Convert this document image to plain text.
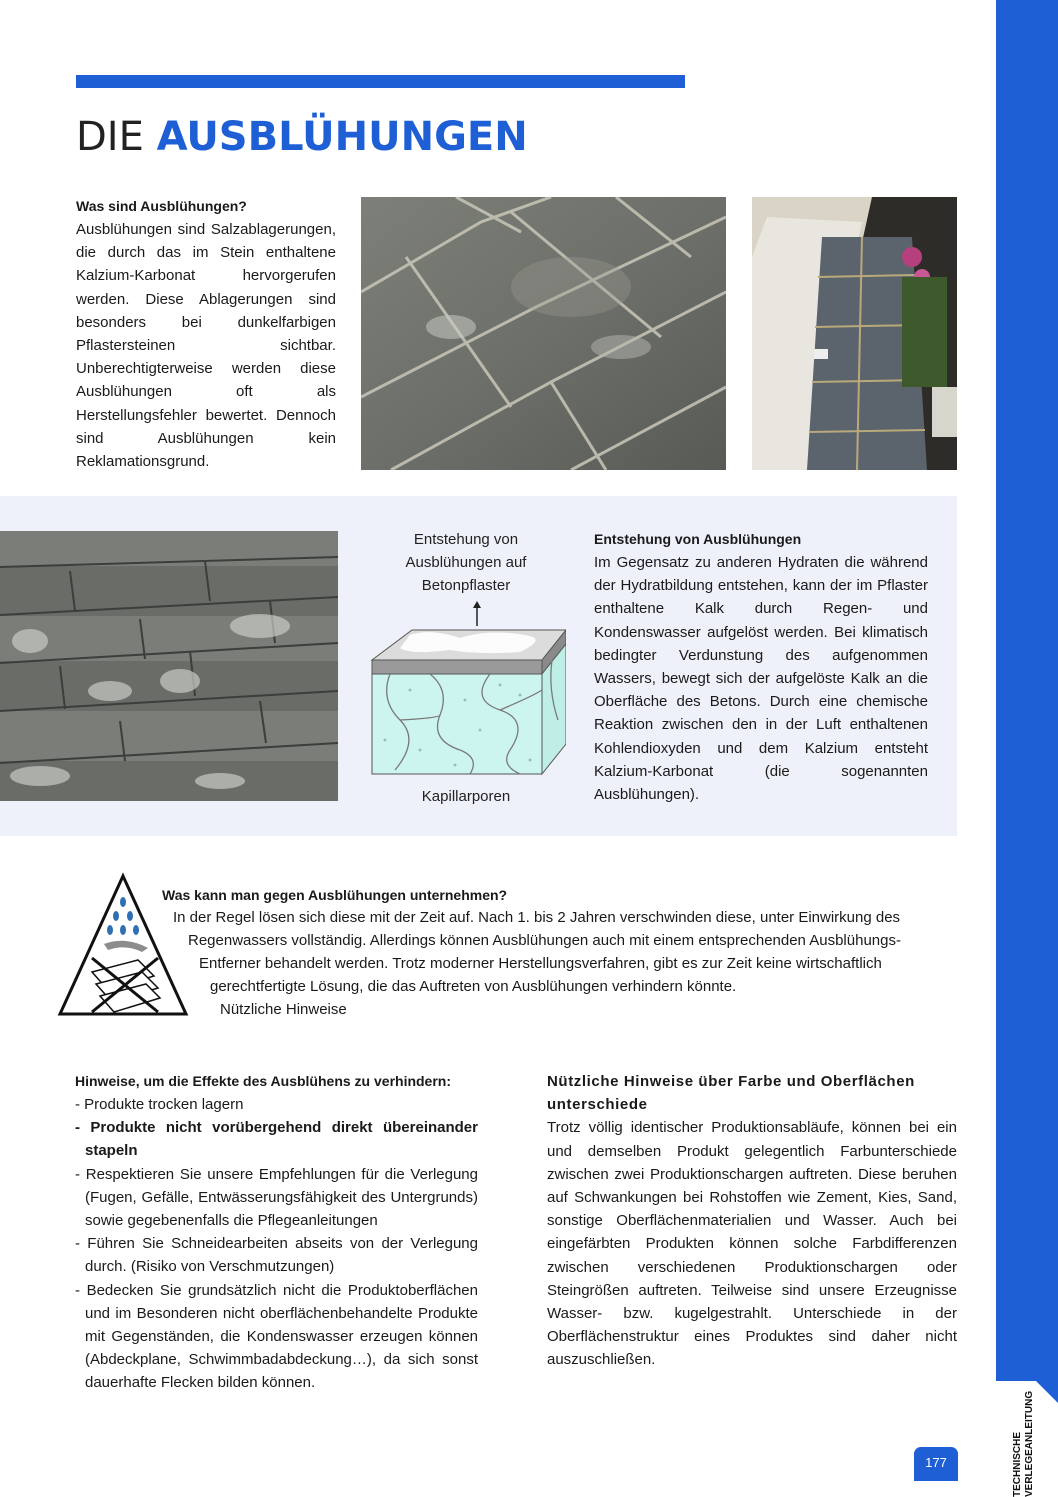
TECHNISCHE VERLEGEANLEITUNG
177
DIE AUSBLÜHUNGEN
Was sind Ausblühungen?
Ausblühungen sind Salzablagerungen, die durch das im Stein enthaltene Kalzium-Karbonat hervorgerufen werden. Diese Ablagerungen sind besonders bei dunkelfarbigen Pflastersteinen sichtbar. Unberechtigterweise werden diese Ausblühungen oft als Herstellungsfehler bewertet. Dennoch sind Ausblühungen kein Reklamationsgrund.
Entstehung von Ausblühungen auf Betonpflaster
Kapillarporen
Entstehung von Ausblühungen
Im Gegensatz zu anderen Hydraten die während der Hydratbildung entstehen, kann der im Pflaster enthaltene Kalk durch Regen- und Kondenswasser aufgelöst werden. Bei klimatisch bedingter Verdunstung des aufgenommen Wassers, bewegt sich der aufgelöste Kalk an die Oberfläche des Betons. Durch eine chemische Reaktion zwischen den in der Luft enthaltenen Kohlendioxyden und dem Kalzium entsteht Kalzium-Karbonat (die sogenannten Ausblühungen).
Was kann man gegen Ausblühungen unternehmen?
In der Regel lösen sich diese mit der Zeit auf. Nach 1. bis 2 Jahren verschwinden diese, unter Einwirkung des
Regenwassers vollständig. Allerdings können Ausblühungen auch mit einem entsprechenden Ausblühungs-
Entferner behandelt werden. Trotz moderner Herstellungsverfahren, gibt es zur Zeit keine wirtschaftlich
gerechtfertigte Lösung, die das Auftreten von Ausblühungen verhindern könnte.
Nützliche Hinweise
Hinweise, um die Effekte des Ausblühens zu verhindern:
- Produkte trocken lagern
- Produkte nicht vorübergehend direkt übereinander stapeln
- Respektieren Sie unsere Empfehlungen für die Verlegung (Fugen, Gefälle, Entwässerungsfähigkeit des Untergrunds) sowie gegebenenfalls die Pflegeanleitungen
- Führen Sie Schneidearbeiten abseits von der Verlegung durch. (Risiko von Verschmutzungen)
- Bedecken Sie grundsätzlich nicht die Produktoberflächen und im Besonderen nicht oberflächenbehandelte Produkte mit Gegenständen, die Kondenswasser erzeugen können (Abdeckplane, Schwimmbadabdeckung…), da sich sonst dauerhafte Flecken bilden können.
Nützliche Hinweise über Farbe und Oberflächen unterschiede
Trotz völlig identischer Produktionsabläufe, können bei ein und demselben Produkt gelegentlich Farbunterschiede zwischen zwei Produktionschargen auftreten. Diese beruhen auf Schwankungen bei Rohstoffen wie Zement, Kies, Sand, sonstige Oberflächenmaterialien und Wasser. Auch bei eingefärbten Produkten können solche Farbdifferenzen zwischen verschiedenen Produktionschargen oder Steingrößen auftreten. Teilweise sind unsere Erzeugnisse Wasser- bzw. kugelgestrahlt. Unterschiede in der Oberflächenstruktur eines Produktes sind daher nicht auszuschließen.
